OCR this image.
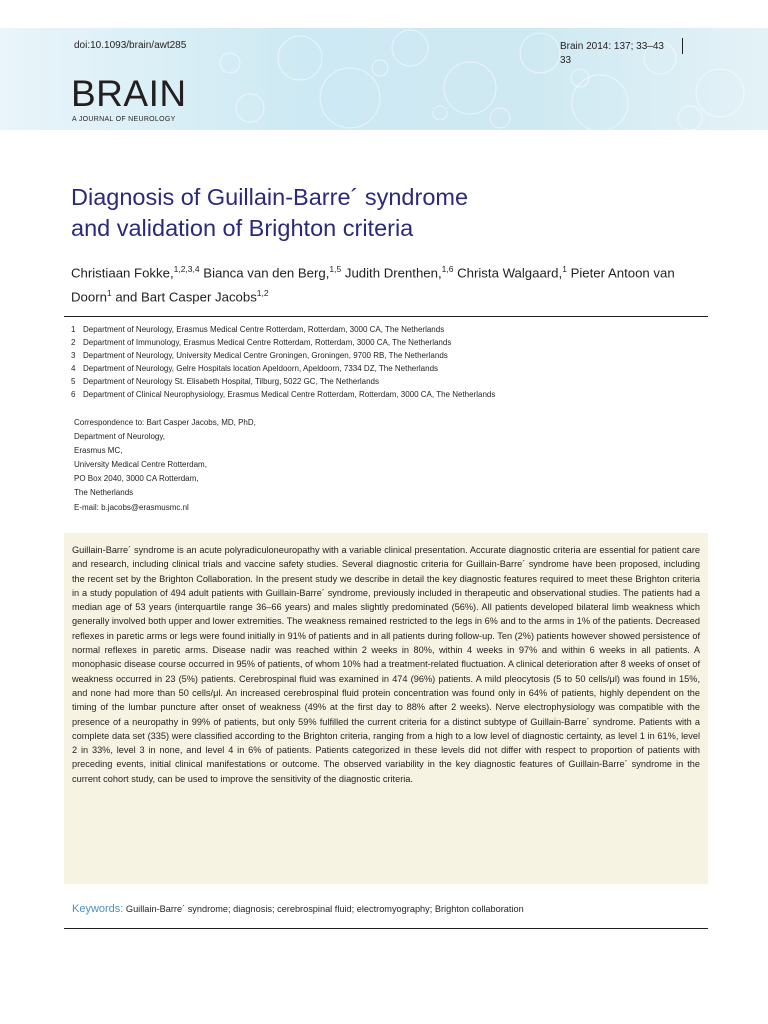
doi:10.1093/brain/awt285	Brain 2014: 137; 33–43
33
BRAIN
A JOURNAL OF NEUROLOGY
Diagnosis of Guillain-Barre´ syndrome
and validation of Brighton criteria
Christiaan Fokke,$^{1,2,3,4}$ Bianca van den Berg,$^{1,5}$ Judith Drenthen,$^{1,6}$ Christa Walgaard,$^1$ Pieter Antoon van Doorn$^1$ and Bart Casper Jacobs$^{1,2}$
1 Department of Neurology, Erasmus Medical Centre Rotterdam, Rotterdam, 3000 CA, The Netherlands
2 Department of Immunology, Erasmus Medical Centre Rotterdam, Rotterdam, 3000 CA, The Netherlands
3 Department of Neurology, University Medical Centre Groningen, Groningen, 9700 RB, The Netherlands
4 Department of Neurology, Gelre Hospitals location Apeldoorn, Apeldoorn, 7334 DZ, The Netherlands
5 Department of Neurology St. Elisabeth Hospital, Tilburg, 5022 GC, The Netherlands
6 Department of Clinical Neurophysiology, Erasmus Medical Centre Rotterdam, Rotterdam, 3000 CA, The Netherlands
Correspondence to: Bart Casper Jacobs, MD, PhD,
Department of Neurology,
Erasmus MC,
University Medical Centre Rotterdam,
PO Box 2040, 3000 CA Rotterdam,
The Netherlands
E-mail: b.jacobs@erasmusmc.nl
Guillain-Barre´ syndrome is an acute polyradiculoneuropathy with a variable clinical presentation. Accurate diagnostic criteria are essential for patient care and research, including clinical trials and vaccine safety studies. Several diagnostic criteria for Guillain-Barre´ syndrome have been proposed, including the recent set by the Brighton Collaboration. In the present study we describe in detail the key diagnostic features required to meet these Brighton criteria in a study population of 494 adult patients with Guillain-Barre´ syndrome, previously included in therapeutic and observational studies. The patients had a median age of 53 years (interquartile range 36–66 years) and males slightly predominated (56%). All patients developed bilateral limb weakness which generally involved both upper and lower extremities. The weakness remained restricted to the legs in 6% and to the arms in 1% of the patients. Decreased reflexes in paretic arms or legs were found initially in 91% of patients and in all patients during follow-up. Ten (2%) patients however showed persistence of normal reflexes in paretic arms. Disease nadir was reached within 2 weeks in 80%, within 4 weeks in 97% and within 6 weeks in all patients. A monophasic disease course occurred in 95% of patients, of whom 10% had a treatment-related fluctuation. A clinical deterioration after 8 weeks of onset of weakness occurred in 23 (5%) patients. Cerebrospinal fluid was examined in 474 (96%) patients. A mild pleocytosis (5 to 50 cells/μl) was found in 15%, and none had more than 50 cells/μl. An increased cerebrospinal fluid protein concentration was found only in 64% of patients, highly dependent on the timing of the lumbar puncture after onset of weakness (49% at the first day to 88% after 2 weeks). Nerve electrophysiology was compatible with the presence of a neuropathy in 99% of patients, but only 59% fulfilled the current criteria for a distinct subtype of Guillain-Barre´ syndrome. Patients with a complete data set (335) were classified according to the Brighton criteria, ranging from a high to a low level of diagnostic certainty, as level 1 in 61%, level 2 in 33%, level 3 in none, and level 4 in 6% of patients. Patients categorized in these levels did not differ with respect to proportion of patients with preceding events, initial clinical manifestations or outcome. The observed variability in the key diagnostic features of Guillain-Barre´ syndrome in the current cohort study, can be used to improve the sensitivity of the diagnostic criteria.
Keywords: Guillain-Barre´ syndrome; diagnosis; cerebrospinal fluid; electromyography; Brighton collaboration
